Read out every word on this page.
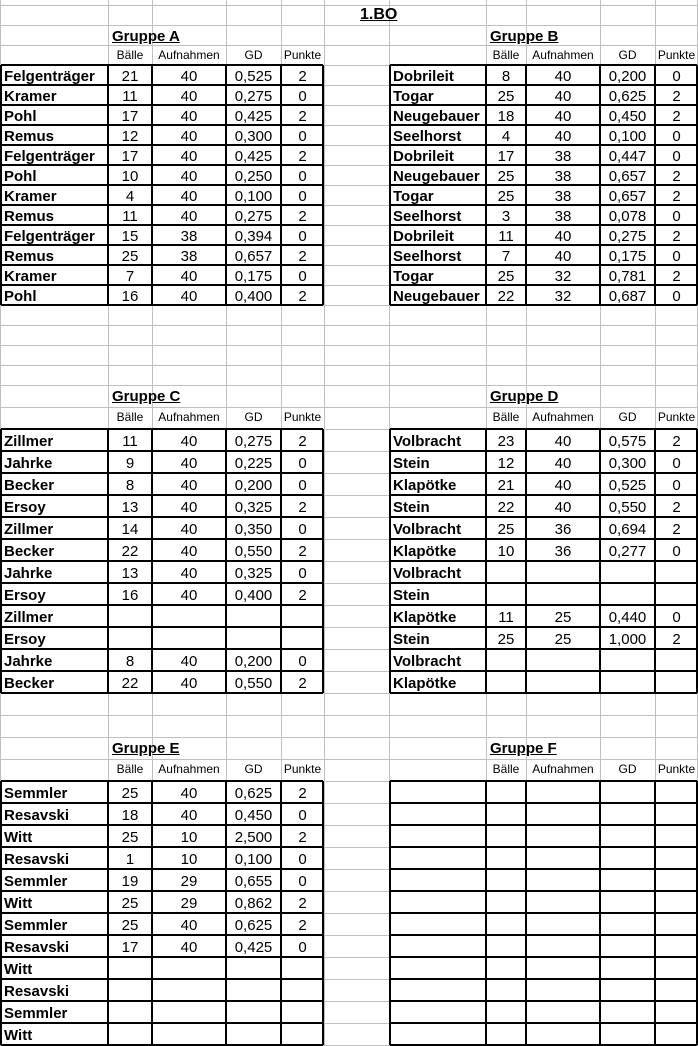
1.BO
Gruppe A
Bälle	Aufnahmen	GD	Punkte
Felgenträger	21	40	0,525	2
Kramer	11	40	0,275	0
Pohl	17	40	0,425	2
Remus	12	40	0,300	0
Felgenträger	17	40	0,425	2
Pohl	10	40	0,250	0
Kramer	4	40	0,100	0
Remus	11	40	0,275	2
Felgenträger	15	38	0,394	0
Remus	25	38	0,657	2
Kramer	7	40	0,175	0
Pohl	16	40	0,400	2
Gruppe B
Bälle	Aufnahmen	GD	Punkte
Dobrileit	8	40	0,200	0
Togar	25	40	0,625	2
Neugebauer	18	40	0,450	2
Seelhorst	4	40	0,100	0
Dobrileit	17	38	0,447	0
Neugebauer	25	38	0,657	2
Togar	25	38	0,657	2
Seelhorst	3	38	0,078	0
Dobrileit	11	40	0,275	2
Seelhorst	7	40	0,175	0
Togar	25	32	0,781	2
Neugebauer	22	32	0,687	0
Gruppe C
Bälle	Aufnahmen	GD	Punkte
Zillmer	11	40	0,275	2
Jahrke	9	40	0,225	0
Becker	8	40	0,200	0
Ersoy	13	40	0,325	2
Zillmer	14	40	0,350	0
Becker	22	40	0,550	2
Jahrke	13	40	0,325	0
Ersoy	16	40	0,400	2
Zillmer
Ersoy
Jahrke	8	40	0,200	0
Becker	22	40	0,550	2
Gruppe D
Bälle	Aufnahmen	GD	Punkte
Volbracht	23	40	0,575	2
Stein	12	40	0,300	0
Klapötke	21	40	0,525	0
Stein	22	40	0,550	2
Volbracht	25	36	0,694	2
Klapötke	10	36	0,277	0
Volbracht
Stein
Klapötke	11	25	0,440	0
Stein	25	25	1,000	2
Volbracht
Klapötke
Gruppe E
Bälle	Aufnahmen	GD	Punkte
Semmler	25	40	0,625	2
Resavski	18	40	0,450	0
Witt	25	10	2,500	2
Resavski	1	10	0,100	0
Semmler	19	29	0,655	0
Witt	25	29	0,862	2
Semmler	25	40	0,625	2
Resavski	17	40	0,425	0
Witt
Resavski
Semmler
Witt
Gruppe F
Bälle	Aufnahmen	GD	Punkte
